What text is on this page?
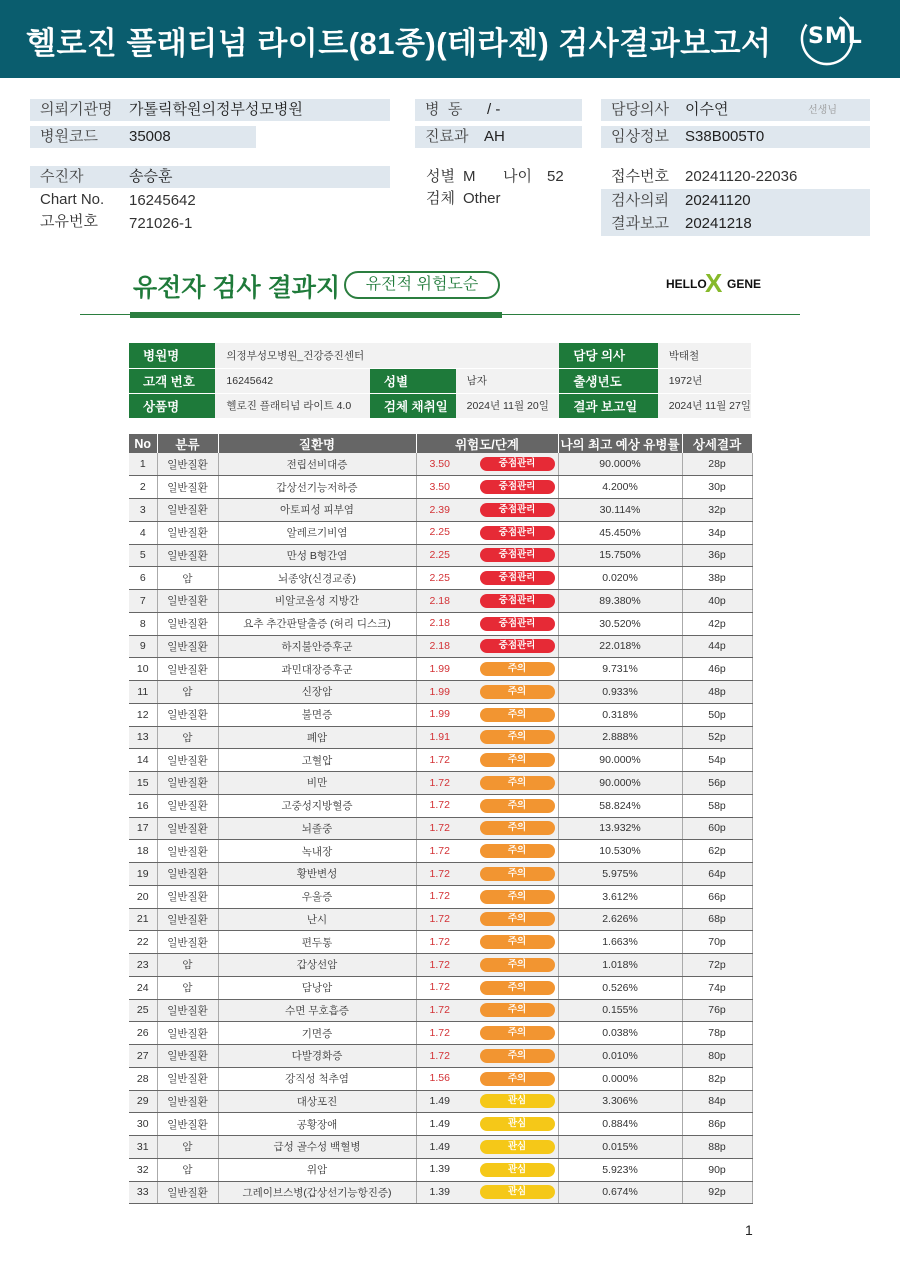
헬로진 플래티넘 라이트(81종)(테라젠) 검사결과보고서 SML
의뢰기관명 가톨릭학원의정부성모병원
병원코드 35008
병  동 / -
진료과 AH
담당의사 이수연	선생님
임상정보 S38B005T0
수진자	송승훈
Chart No. 16245642
고유번호 721026-1
성별 M 나이 52
검체 Other
접수번호 20241120-22036
검사의뢰 20241120
결과보고 20241218
유전자 검사 결과지	유전적 위험도순	HELLO
X GENE
병원명	의정부성모병원_건강증진센터			담당 의사	박태철
고객 번호	16245642	성별	남자	출생년도	1972년
상품명	헬로진 플래티넘 라이트 4.0	검체 채취일	2024년 11월 20일	결과 보고일	2024년 11월 27일
No	분류	질환명	위험도/단계	나의 최고 예상 유병률	상세결과
1	일반질환	전립선비대증	3.50 중점관리	90.000%	28p
2	일반질환	갑상선기능저하증	3.50 중점관리	4.200%	30p
3	일반질환	아토피성 피부염	2.39 중점관리	30.114%	32p
4	일반질환	알레르기비염	2.25 중점관리	45.450%	34p
5	일반질환	만성 B형간염	2.25 중점관리	15.750%	36p
6	암	뇌종양(신경교종)	2.25 중점관리	0.020%	38p
7	일반질환	비알코올성 지방간	2.18 중점관리	89.380%	40p
8	일반질환	요추 추간판탈출증 (허리 디스크)	2.18 중점관리	30.520%	42p
9	일반질환	하지불안증후군	2.18 중점관리	22.018%	44p
10	일반질환	과민대장증후군	1.99 주의	9.731%	46p
11	암	신장암	1.99 주의	0.933%	48p
12	일반질환	불면증	1.99 주의	0.318%	50p
13	암	폐암	1.91 주의	2.888%	52p
14	일반질환	고혈압	1.72 주의	90.000%	54p
15	일반질환	비만	1.72 주의	90.000%	56p
16	일반질환	고중성지방혈증	1.72 주의	58.824%	58p
17	일반질환	뇌졸중	1.72 주의	13.932%	60p
18	일반질환	녹내장	1.72 주의	10.530%	62p
19	일반질환	황반변성	1.72 주의	5.975%	64p
20	일반질환	우울증	1.72 주의	3.612%	66p
21	일반질환	난시	1.72 주의	2.626%	68p
22	일반질환	편두통	1.72 주의	1.663%	70p
23	암	갑상선암	1.72 주의	1.018%	72p
24	암	담낭암	1.72 주의	0.526%	74p
25	일반질환	수면 무호흡증	1.72 주의	0.155%	76p
26	일반질환	기면증	1.72 주의	0.038%	78p
27	일반질환	다발경화증	1.72 주의	0.010%	80p
28	일반질환	강직성 척추염	1.56 주의	0.000%	82p
29	일반질환	대상포진	1.49 관심	3.306%	84p
30	일반질환	공황장애	1.49 관심	0.884%	86p
31	암	급성 골수성 백혈병	1.49 관심	0.015%	88p
32	암	위암	1.39 관심	5.923%	90p
33	일반질환	그레이브스병(갑상선기능항진증)	1.39 관심	0.674%	92p
1
